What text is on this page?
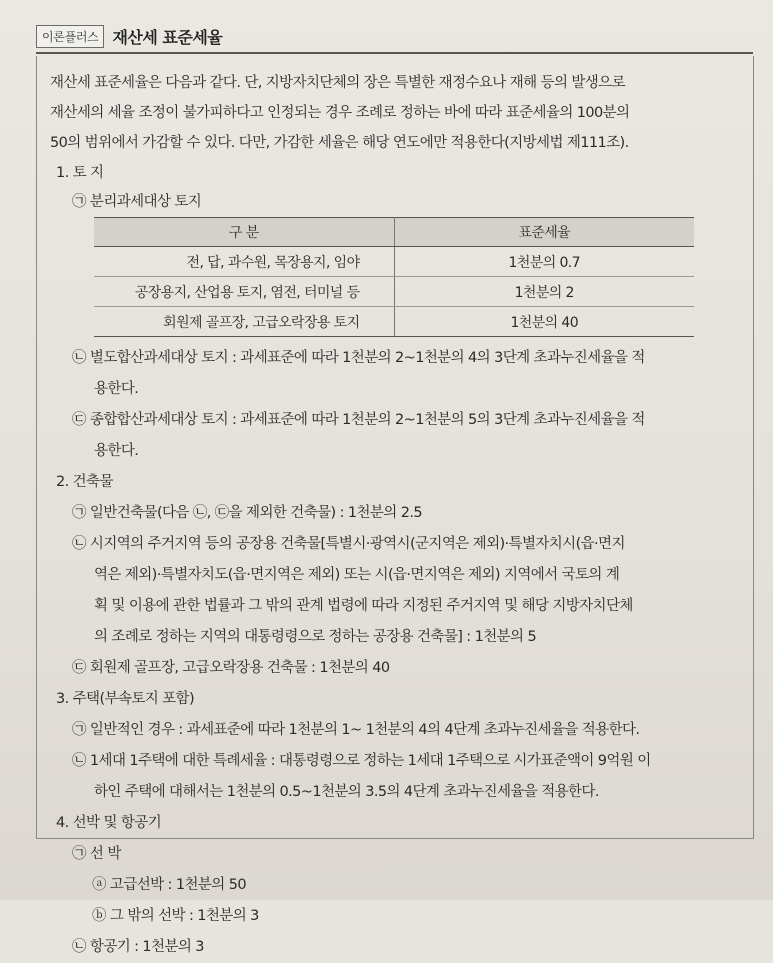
이론플러스 재산세 표준세율
재산세 표준세율은 다음과 같다. 단, 지방자치단체의 장은 특별한 재정수요나 재해 등의 발생으로
재산세의 세율 조정이 불가피하다고 인정되는 경우 조례로 정하는 바에 따라 표준세율의 100분의
50의 범위에서 가감할 수 있다. 다만, 가감한 세율은 해당 연도에만 적용한다(지방세법 제111조).
1. 토 지
㉠ 분리과세대상 토지
구 분	표준세율
전, 답, 과수원, 목장용지, 임야	1천분의 0.7
공장용지, 산업용 토지, 염전, 터미널 등	1천분의 2
회원제 골프장, 고급오락장용 토지	1천분의 40
㉡ 별도합산과세대상 토지 : 과세표준에 따라 1천분의 2~1천분의 4의 3단계 초과누진세율을 적
용한다.
㉢ 종합합산과세대상 토지 : 과세표준에 따라 1천분의 2~1천분의 5의 3단계 초과누진세율을 적
용한다.
2. 건축물
㉠ 일반건축물(다음 ㉡, ㉢을 제외한 건축물) : 1천분의 2.5
㉡ 시지역의 주거지역 등의 공장용 건축물[특별시·광역시(군지역은 제외)·특별자치시(읍·면지
역은 제외)·특별자치도(읍·면지역은 제외) 또는 시(읍·면지역은 제외) 지역에서 국토의 계
획 및 이용에 관한 법률과 그 밖의 관계 법령에 따라 지정된 주거지역 및 해당 지방자치단체
의 조례로 정하는 지역의 대통령령으로 정하는 공장용 건축물] : 1천분의 5
㉢ 회원제 골프장, 고급오락장용 건축물 : 1천분의 40
3. 주택(부속토지 포함)
㉠ 일반적인 경우 : 과세표준에 따라 1천분의 1~ 1천분의 4의 4단계 초과누진세율을 적용한다.
㉡ 1세대 1주택에 대한 특례세율 : 대통령령으로 정하는 1세대 1주택으로 시가표준액이 9억원 이
하인 주택에 대해서는 1천분의 0.5~1천분의 3.5의 4단계 초과누진세율을 적용한다.
4. 선박 및 항공기
㉠ 선 박
ⓐ 고급선박 : 1천분의 50
ⓑ 그 밖의 선박 : 1천분의 3
㉡ 항공기 : 1천분의 3
